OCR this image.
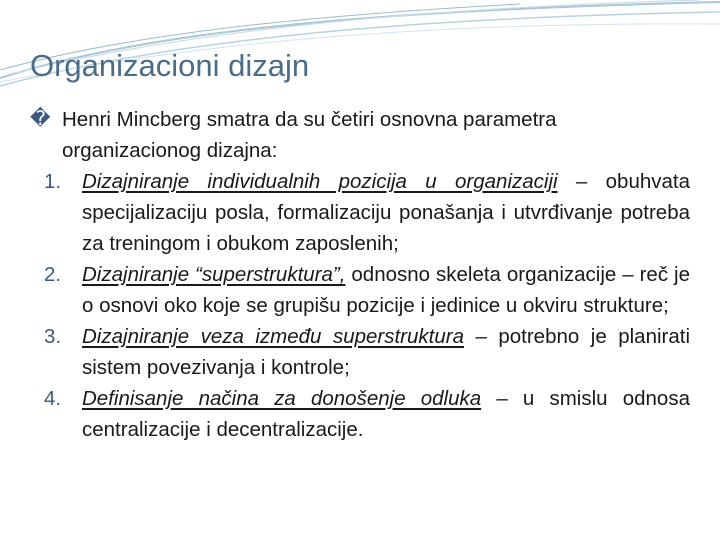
Organizacioni dizajn
� Henri Mincberg smatra da su četiri osnovna parametra organizacionog dizajna:
1. Dizajniranje individualnih pozicija u organizaciji – obuhvata specijalizaciju posla, formalizaciju ponašanja i utvrđivanje potreba za treningom i obukom zaposlenih;
2. Dizajniranje “superstruktura”, odnosno skeleta organizacije – reč je o osnovi oko koje se grupišu pozicije i jedinice u okviru strukture;
3. Dizajniranje veza između superstruktura – potrebno je planirati sistem povezivanja i kontrole;
4. Definisanje načina za donošenje odluka – u smislu odnosa centralizacije i decentralizacije.
